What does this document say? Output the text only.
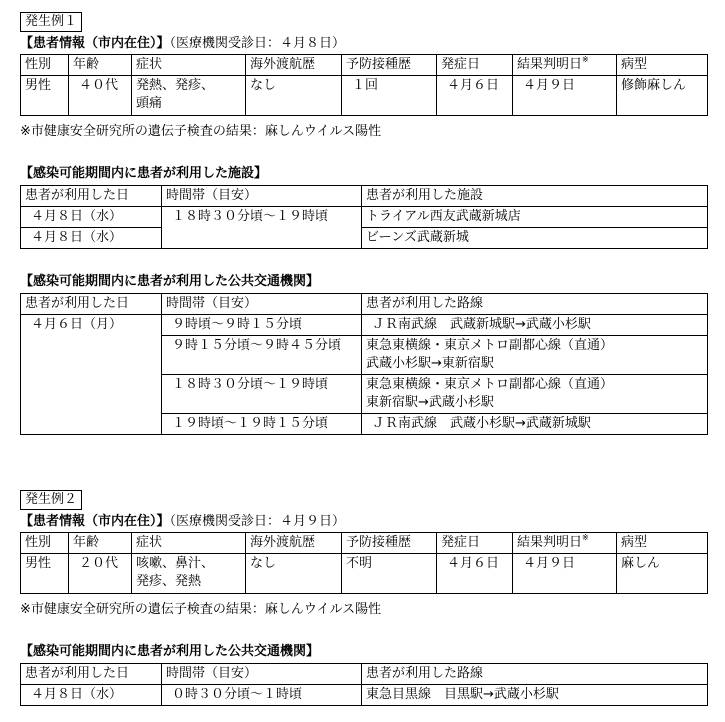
発生例１
【患者情報（市内在住）】（医療機関受診日：４月８日）
性別	年齢	症状	海外渡航歴	予防接種歴	発症日	結果判明日※	病型
男性	４０代	発熱、発疹、
頭痛	なし	１回	４月６日	４月９日	修飾麻しん
※市健康安全研究所の遺伝子検査の結果：麻しんウイルス陽性
【感染可能期間内に患者が利用した施設】
患者が利用した日	時間帯（目安）	患者が利用した施設
４月８日（水）	１８時３０分頃～１９時頃	トライアル西友武蔵新城店
４月８日（水）		ビーンズ武蔵新城
【感染可能期間内に患者が利用した公共交通機関】
患者が利用した日	時間帯（目安）	患者が利用した路線
４月６日（月）	９時頃～９時１５分頃	ＪＲ南武線　武蔵新城駅→武蔵小杉駅
	９時１５分頃～９時４５分頃	東急東横線・東京メトロ副都心線（直通）
武蔵小杉駅→東新宿駅

	１８時３０分頃～１９時頃	東急東横線・東京メトロ副都心線（直通）
東新宿駅→武蔵小杉駅

	１９時頃～１９時１５分頃	ＪＲ南武線　武蔵小杉駅→武蔵新城駅
発生例２
【患者情報（市内在住）】（医療機関受診日：４月９日）
性別	年齢	症状	海外渡航歴	予防接種歴	発症日	結果判明日※	病型
男性	２０代	咳嗽、鼻汁、
発疹、発熱	なし	不明	４月６日	４月９日	麻しん
※市健康安全研究所の遺伝子検査の結果：麻しんウイルス陽性
【感染可能期間内に患者が利用した公共交通機関】
患者が利用した日	時間帯（目安）	患者が利用した路線
４月８日（水）	０時３０分頃～１時頃	東急目黒線　目黒駅→武蔵小杉駅
